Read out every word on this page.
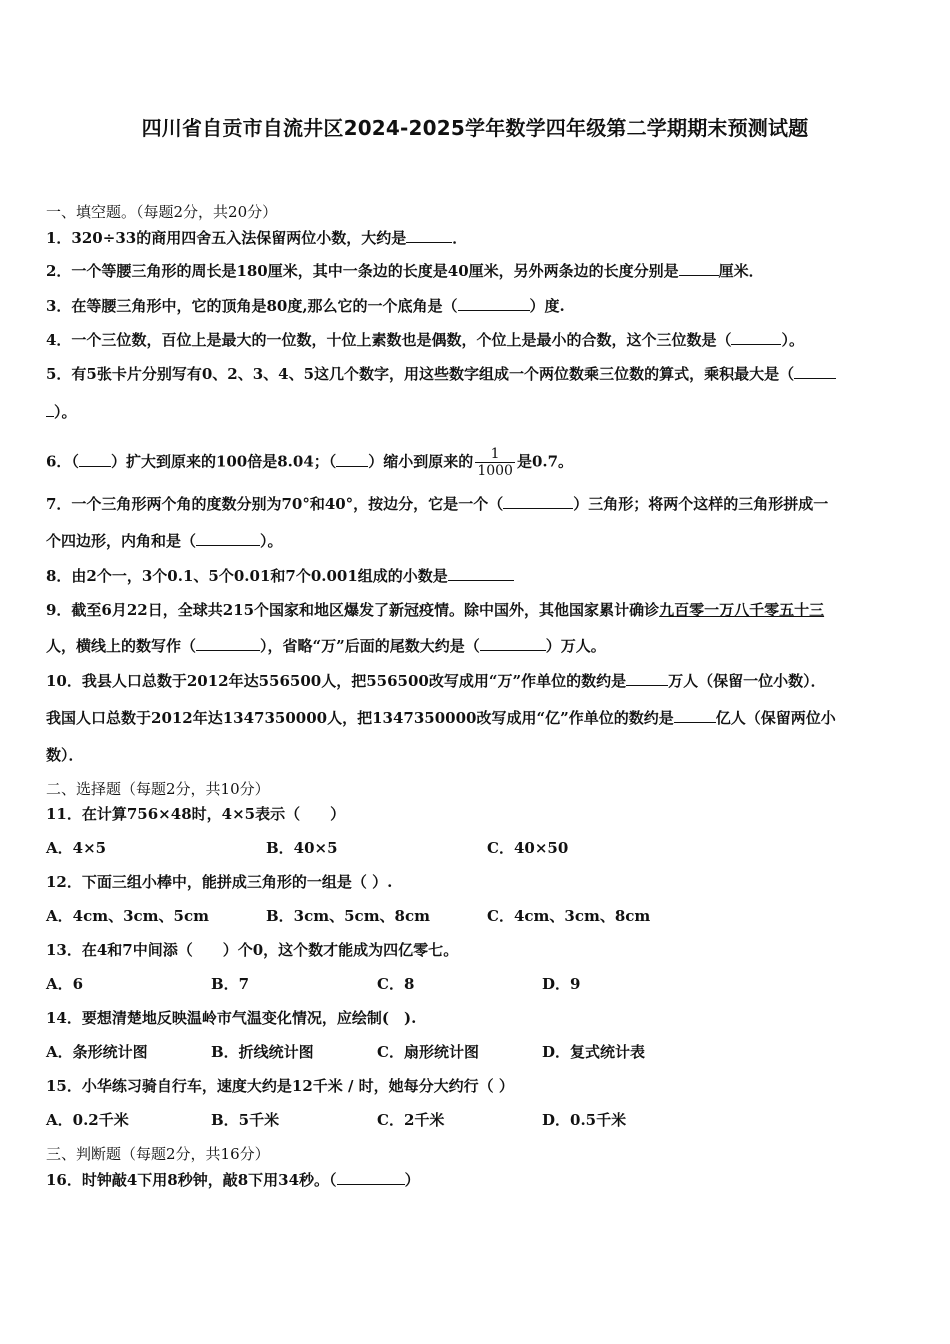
四川省自贡市自流井区2024-2025学年数学四年级第二学期期末预测试题
一、填空题。（每题2分，共20分）
1．320÷33的商用四舍五入法保留两位小数，大约是	．
2．一个等腰三角形的周长是180厘米，其中一条边的长度是40厘米，另外两条边的长度分别是	厘米．
3．在等腰三角形中，它的顶角是80度,那么它的一个底角是（	）度.
4．一个三位数，百位上是最大的一位数，十位上素数也是偶数，个位上是最小的合数，这个三位数是（	）。
5．有5张卡片分别写有0、2、3、4、5这几个数字，用这些数字组成一个两位数乘三位数的算式，乘积最大是（
）。
6．（ ）扩大到原来的100倍是8.04；（ ）缩小到原来的 $\frac{1}{1000}$ 是0.7。
7．一个三角形两个角的度数分别为70°和40°，按边分，它是一个（	）三角形；将两个这样的三角形拼成一
个四边形，内角和是（	）。
8．由2个一，3个0.1、5个0.01和7个0.001组成的小数是
9．截至6月22日，全球共215个国家和地区爆发了新冠疫情。除中国外，其他国家累计确诊九百零一万八千零五十三
人，横线上的数写作（	），省略“万”后面的尾数大约是（	）万人。
10．我县人口总数于2012年达556500人，把556500改写成用“万”作单位的数约是	万人（保留一位小数）．
我国人口总数于2012年达1347350000人，把1347350000改写成用“亿”作单位的数约是	亿人（保留两位小
数）．
二、选择题（每题2分，共10分）
11．在计算756×48时，4×5表示（　　）
A．4×5	B．40×5	C．40×50
12．下面三组小棒中，能拼成三角形的一组是（ ）.
A．4cm、3cm、5cm	B．3cm、5cm、8cm	C．4cm、3cm、8cm
13．在4和7中间添（　　）个0，这个数才能成为四亿零七。
A．6	B．7	C．8	D．9
14．要想清楚地反映温岭市气温变化情况，应绘制(　).
A．条形统计图	B．折线统计图	C．扇形统计图	D．复式统计表
15．小华练习骑自行车，速度大约是12千米 / 时，她每分大约行（ ）
A．0.2千米	B．5千米	C．2千米	D．0.5千米
三、判断题（每题2分，共16分）
16．时钟敲4下用8秒钟，敲8下用34秒。（	）
